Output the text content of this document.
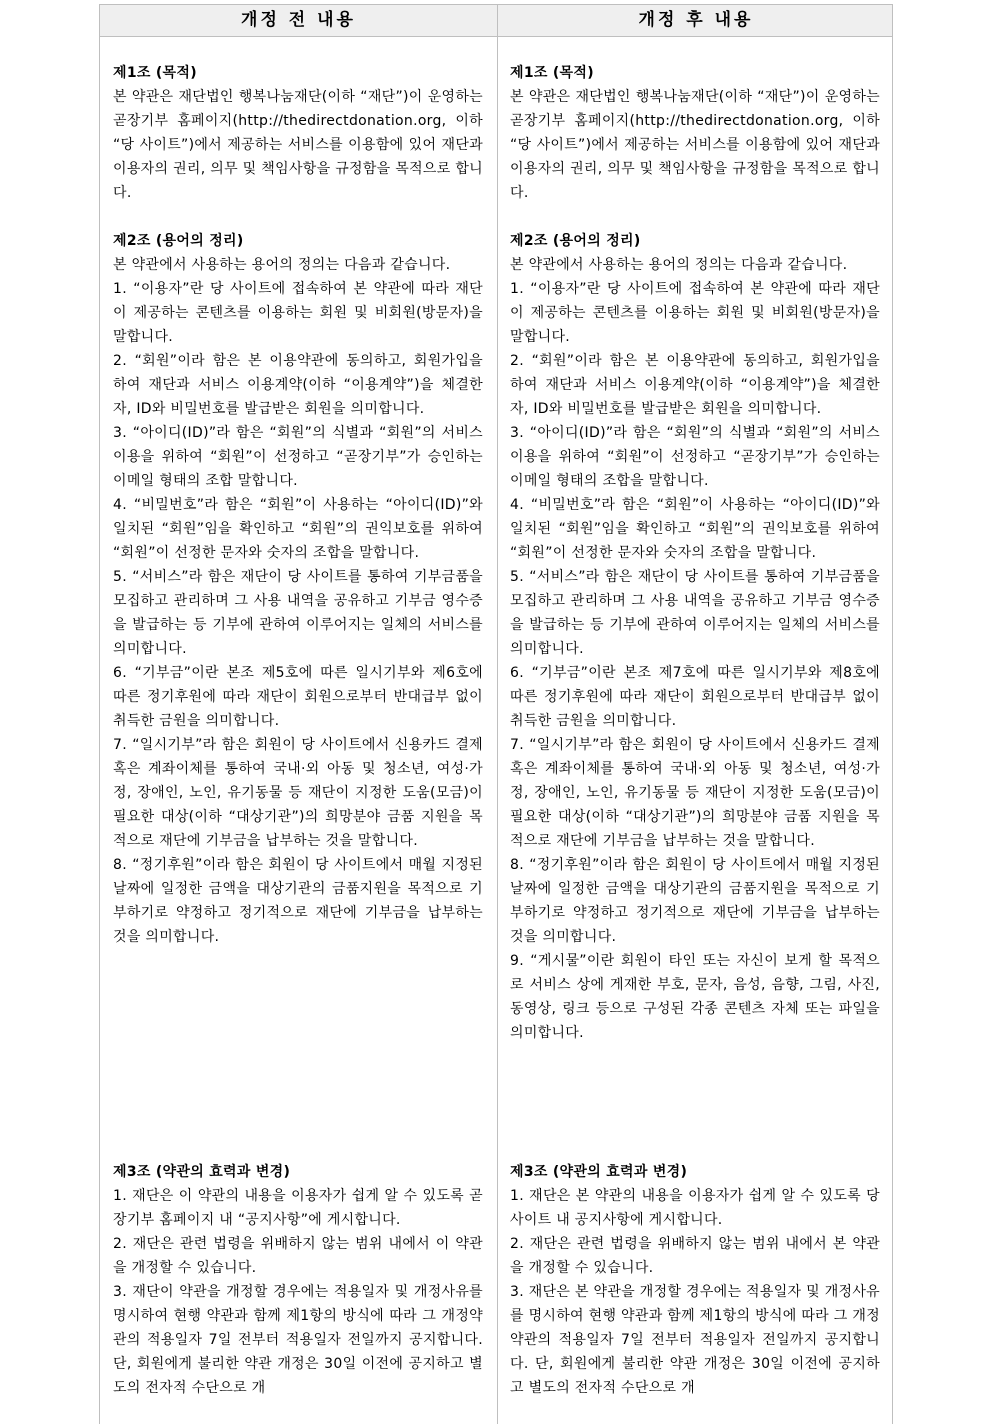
개정 전 내용	개정 후 내용

제1조 (목적)

본 약관은 재단법인 행복나눔재단(이하 “재단”)이 운영하는 곧장기부 홈페이지(http://thedirectdonation.org, 이하 “당 사이트”)에서 제공하는 서비스를 이용함에 있어 재단과 이용자의 권리, 의무 및 책임사항을 규정함을 목적으로 합니다.

제2조 (용어의 정리)

본 약관에서 사용하는 용어의 정의는 다음과 같습니다.

1. “이용자”란 당 사이트에 접속하여 본 약관에 따라 재단이 제공하는 콘텐츠를 이용하는 회원 및 비회원(방문자)을 말합니다.

2. “회원”이라 함은 본 이용약관에 동의하고, 회원가입을 하여 재단과 서비스 이용계약(이하 “이용계약”)을 체결한 자, ID와 비밀번호를 발급받은 회원을 의미합니다.

3. “아이디(ID)”라 함은 “회원”의 식별과 “회원”의 서비스 이용을 위하여 “회원”이 선정하고 “곧장기부”가 승인하는 이메일 형태의 조합 말합니다.

4. “비밀번호”라 함은 “회원”이 사용하는 “아이디(ID)”와 일치된 “회원”임을 확인하고 “회원”의 권익보호를 위하여 “회원”이 선정한 문자와 숫자의 조합을 말합니다.

5. “서비스”라 함은 재단이 당 사이트를 통하여 기부금품을 모집하고 관리하며 그 사용 내역을 공유하고 기부금 영수증을 발급하는 등 기부에 관하여 이루어지는 일체의 서비스를 의미합니다.

6. “기부금”이란 본조 제5호에 따른 일시기부와 제6호에 따른 정기후원에 따라 재단이 회원으로부터 반대급부 없이 취득한 금원을 의미합니다.

7. “일시기부”라 함은 회원이 당 사이트에서 신용카드 결제 혹은 계좌이체를 통하여 국내·외 아동 및 청소년, 여성·가정, 장애인, 노인, 유기동물 등 재단이 지정한 도움(모금)이 필요한 대상(이하 “대상기관”)의 희망분야 금품 지원을 목적으로 재단에 기부금을 납부하는 것을 말합니다.

8. “정기후원”이라 함은 회원이 당 사이트에서 매월 지정된 날짜에 일정한 금액을 대상기관의 금품지원을 목적으로 기부하기로 약정하고 정기적으로 재단에 기부금을 납부하는 것을 의미합니다.

제3조 (약관의 효력과 변경)

1. 재단은 이 약관의 내용을 이용자가 쉽게 알 수 있도록 곧장기부 홈페이지 내 “공지사항”에 게시합니다.

2. 재단은 관련 법령을 위배하지 않는 범위 내에서 이 약관을 개정할 수 있습니다.

3. 재단이 약관을 개정할 경우에는 적용일자 및 개정사유를 명시하여 현행 약관과 함께 제1항의 방식에 따라 그 개정약관의 적용일자 7일 전부터 적용일자 전일까지 공지합니다. 단, 회원에게 불리한 약관 개정은 30일 이전에 공지하고 별도의 전자적 수단으로 개

제1조 (목적)

본 약관은 재단법인 행복나눔재단(이하 “재단”)이 운영하는 곧장기부 홈페이지(http://thedirectdonation.org, 이하 “당 사이트”)에서 제공하는 서비스를 이용함에 있어 재단과 이용자의 권리, 의무 및 책임사항을 규정함을 목적으로 합니다.

제2조 (용어의 정리)

본 약관에서 사용하는 용어의 정의는 다음과 같습니다.

1. “이용자”란 당 사이트에 접속하여 본 약관에 따라 재단이 제공하는 콘텐츠를 이용하는 회원 및 비회원(방문자)을 말합니다.

2. “회원”이라 함은 본 이용약관에 동의하고, 회원가입을 하여 재단과 서비스 이용계약(이하 “이용계약”)을 체결한 자, ID와 비밀번호를 발급받은 회원을 의미합니다.

3. “아이디(ID)”라 함은 “회원”의 식별과 “회원”의 서비스 이용을 위하여 “회원”이 선정하고 “곧장기부”가 승인하는 이메일 형태의 조합을 말합니다.

4. “비밀번호”라 함은 “회원”이 사용하는 “아이디(ID)”와 일치된 “회원”임을 확인하고 “회원”의 권익보호를 위하여 “회원”이 선정한 문자와 숫자의 조합을 말합니다.

5. “서비스”라 함은 재단이 당 사이트를 통하여 기부금품을 모집하고 관리하며 그 사용 내역을 공유하고 기부금 영수증을 발급하는 등 기부에 관하여 이루어지는 일체의 서비스를 의미합니다.

6. “기부금”이란 본조 제7호에 따른 일시기부와 제8호에 따른 정기후원에 따라 재단이 회원으로부터 반대급부 없이 취득한 금원을 의미합니다.

7. “일시기부”라 함은 회원이 당 사이트에서 신용카드 결제 혹은 계좌이체를 통하여 국내·외 아동 및 청소년, 여성·가정, 장애인, 노인, 유기동물 등 재단이 지정한 도움(모금)이 필요한 대상(이하 “대상기관”)의 희망분야 금품 지원을 목적으로 재단에 기부금을 납부하는 것을 말합니다.

8. “정기후원”이라 함은 회원이 당 사이트에서 매월 지정된 날짜에 일정한 금액을 대상기관의 금품지원을 목적으로 기부하기로 약정하고 정기적으로 재단에 기부금을 납부하는 것을 의미합니다.

9. “게시물”이란 회원이 타인 또는 자신이 보게 할 목적으로 서비스 상에 게재한 부호, 문자, 음성, 음향, 그림, 사진, 동영상, 링크 등으로 구성된 각종 콘텐츠 자체 또는 파일을 의미합니다.

제3조 (약관의 효력과 변경)

1. 재단은 본 약관의 내용을 이용자가 쉽게 알 수 있도록 당 사이트 내 공지사항에 게시합니다.

2. 재단은 관련 법령을 위배하지 않는 범위 내에서 본 약관을 개정할 수 있습니다.

3. 재단은 본 약관을 개정할 경우에는 적용일자 및 개정사유를 명시하여 현행 약관과 함께 제1항의 방식에 따라 그 개정약관의 적용일자 7일 전부터 적용일자 전일까지 공지합니다. 단, 회원에게 불리한 약관 개정은 30일 이전에 공지하고 별도의 전자적 수단으로 개
